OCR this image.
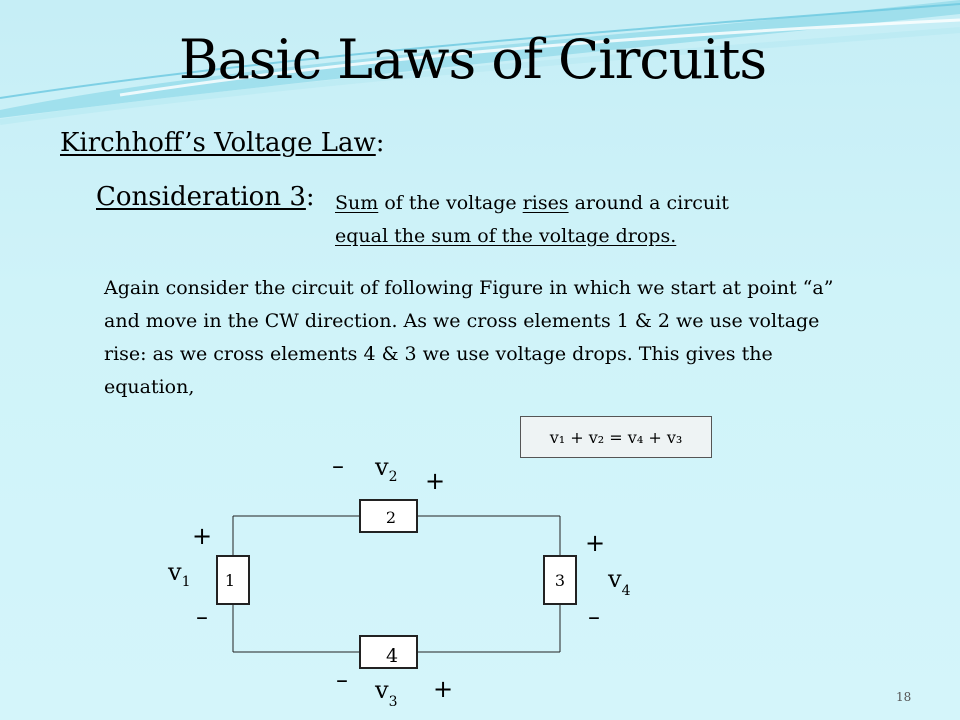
Basic Laws of Circuits
Kirchhoff’s Voltage Law:
Consideration 3: Sum of the voltage rises around a circuit
equal the sum of the voltage drops.

Again consider the circuit of following Figure in which we start at point “a” and move in the CW direction. As we cross elements 1 & 2 we use voltage rise: as we cross elements 4 & 3 we use voltage drops. This gives the equation,

v₁ + v₂ = v₄ + v₃
2
1	3
4
$v_2$
$v_1$	$v_4$
$v_3$
–
+
+
–
+
–
–	+	18
